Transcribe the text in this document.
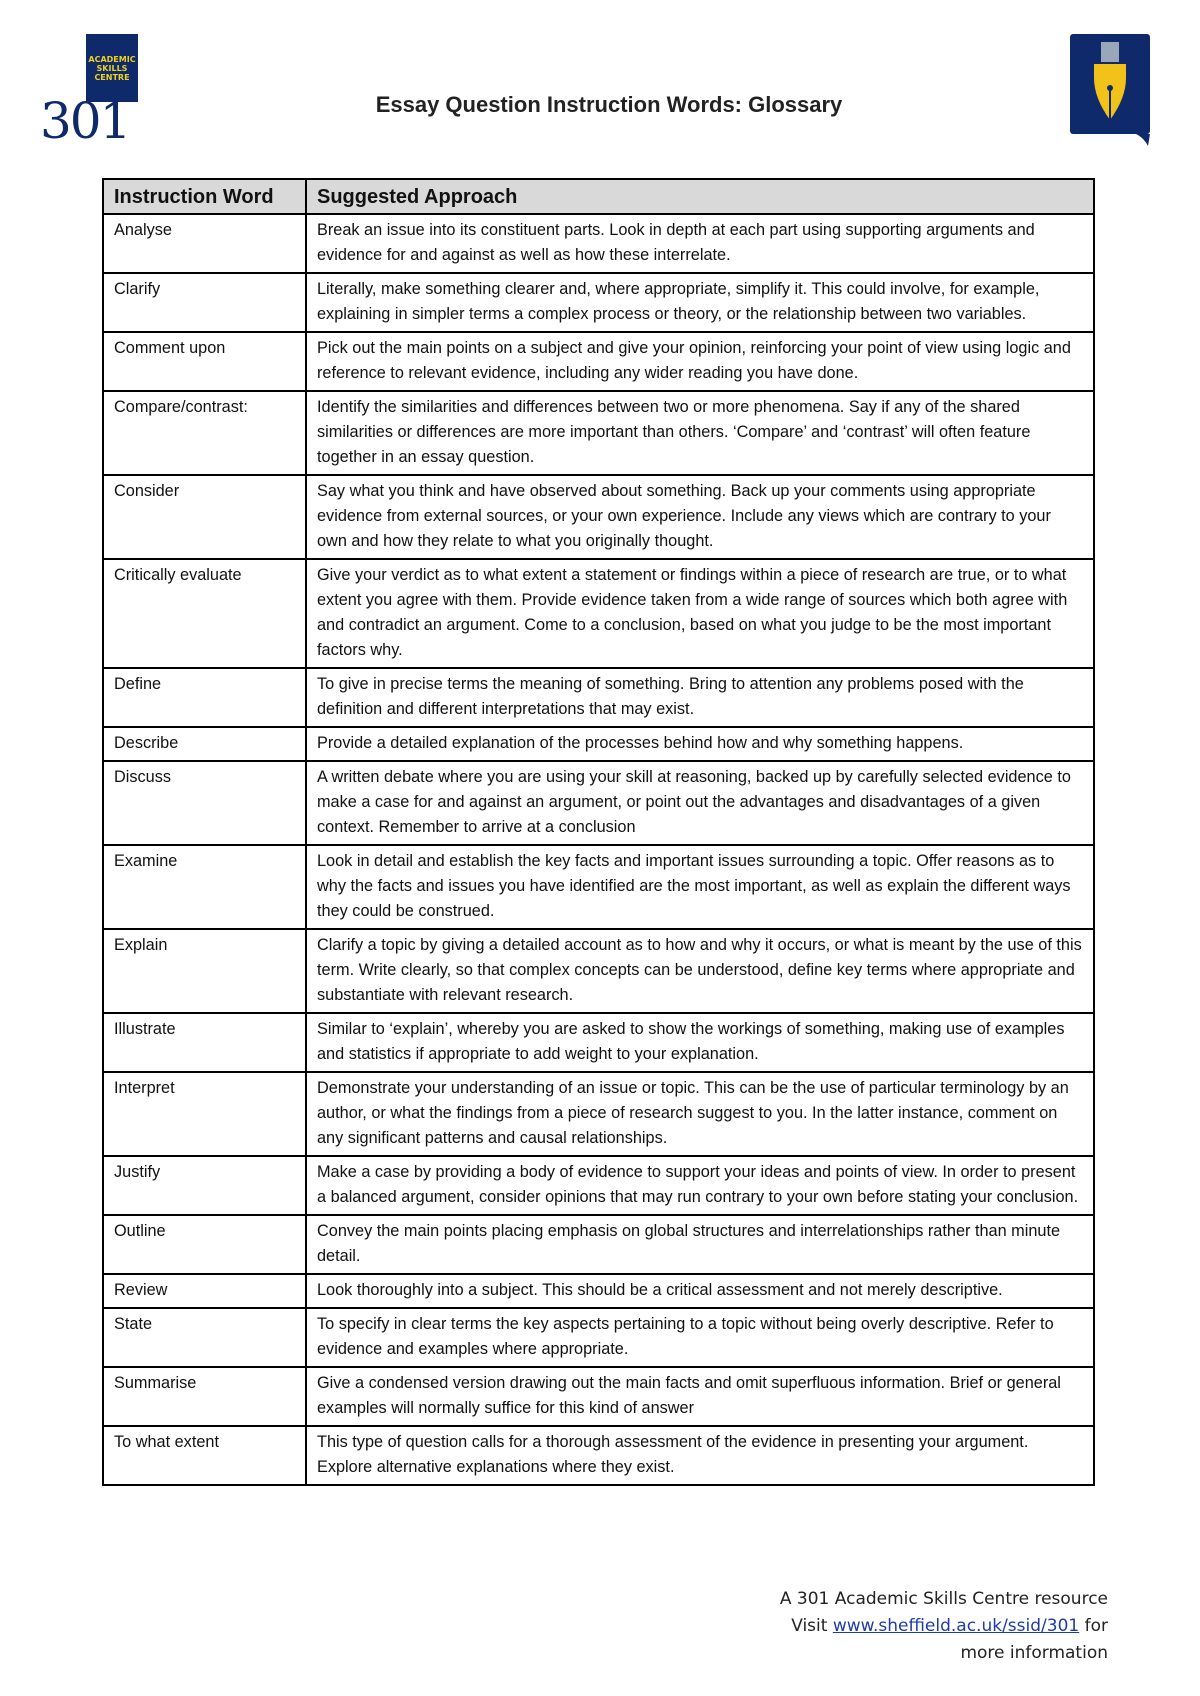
ACADEMIC
SKILLS
CENTRE
301	Essay Question Instruction Words: Glossary
Instruction Word	Suggested Approach
Analyse	Break an issue into its constituent parts. Look in depth at each part using supporting arguments and evidence for and against as well as how these interrelate.
Clarify	Literally, make something clearer and, where appropriate, simplify it. This could involve, for example, explaining in simpler terms a complex process or theory, or the relationship between two variables.
Comment upon	Pick out the main points on a subject and give your opinion, reinforcing your point of view using logic and reference to relevant evidence, including any wider reading you have done.
Compare/contrast:	Identify the similarities and differences between two or more phenomena. Say if any of the shared similarities or differences are more important than others. ‘Compare’ and ‘contrast’ will often feature together in an essay question.
Consider	Say what you think and have observed about something. Back up your comments using appropriate evidence from external sources, or your own experience. Include any views which are contrary to your own and how they relate to what you originally thought.
Critically evaluate	Give your verdict as to what extent a statement or findings within a piece of research are true, or to what extent you agree with them. Provide evidence taken from a wide range of sources which both agree with and contradict an argument. Come to a conclusion, based on what you judge to be the most important factors why.
Define	To give in precise terms the meaning of something. Bring to attention any problems posed with the definition and different interpretations that may exist.
Describe	Provide a detailed explanation of the processes behind how and why something happens.
Discuss	A written debate where you are using your skill at reasoning, backed up by carefully selected evidence to make a case for and against an argument, or point out the advantages and disadvantages of a given context. Remember to arrive at a conclusion
Examine	Look in detail and establish the key facts and important issues surrounding a topic. Offer reasons as to why the facts and issues you have identified are the most important, as well as explain the different ways they could be construed.
Explain	Clarify a topic by giving a detailed account as to how and why it occurs, or what is meant by the use of this term. Write clearly, so that complex concepts can be understood, define key terms where appropriate and substantiate with relevant research.
Illustrate	Similar to ‘explain’, whereby you are asked to show the workings of something, making use of examples and statistics if appropriate to add weight to your explanation.
Interpret	Demonstrate your understanding of an issue or topic. This can be the use of particular terminology by an author, or what the findings from a piece of research suggest to you. In the latter instance, comment on any significant patterns and causal relationships.
Justify	Make a case by providing a body of evidence to support your ideas and points of view. In order to present a balanced argument, consider opinions that may run contrary to your own before stating your conclusion.
Outline	Convey the main points placing emphasis on global structures and interrelationships rather than minute detail.
Review	Look thoroughly into a subject. This should be a critical assessment and not merely descriptive.
State	To specify in clear terms the key aspects pertaining to a topic without being overly descriptive. Refer to evidence and examples where appropriate.
Summarise	Give a condensed version drawing out the main facts and omit superfluous information. Brief or general examples will normally suffice for this kind of answer
To what extent	This type of question calls for a thorough assessment of the evidence in presenting your argument. Explore alternative explanations where they exist.
A 301 Academic Skills Centre resource
Visit www.sheffield.ac.uk/ssid/301 for
more information
